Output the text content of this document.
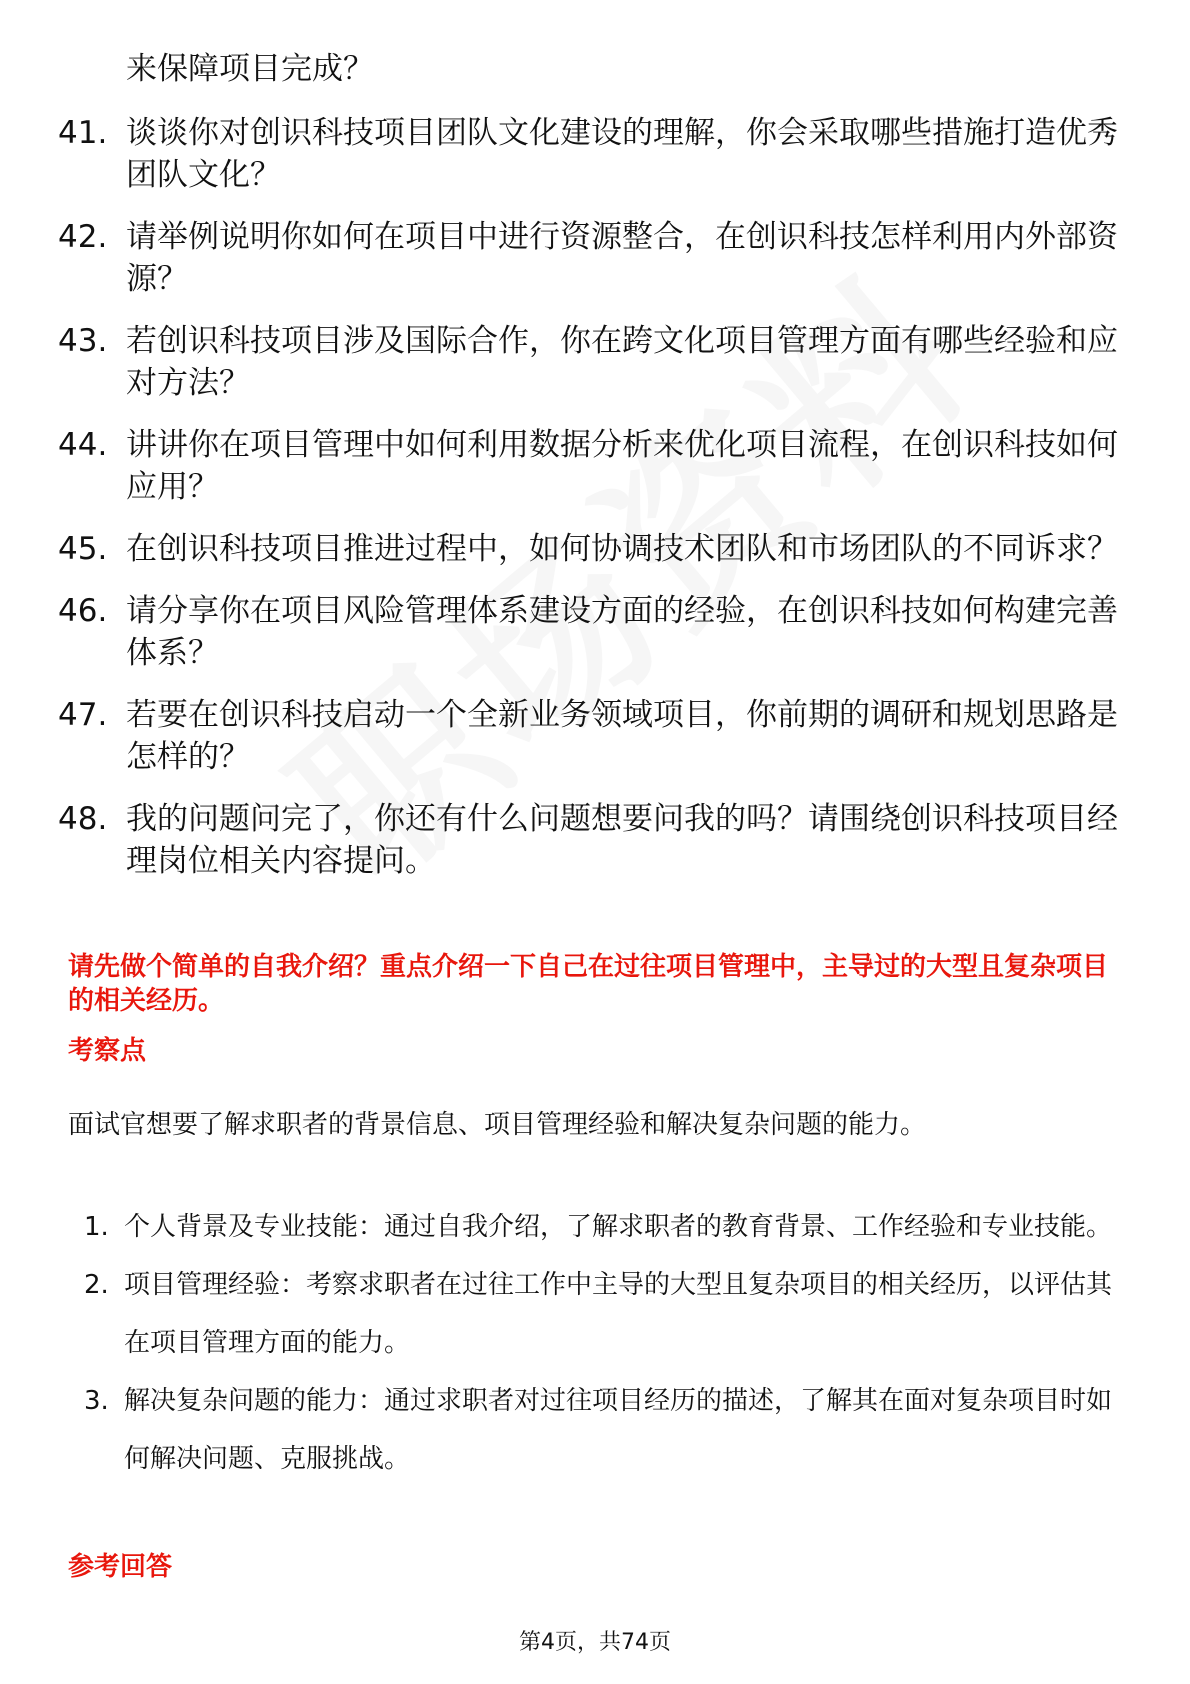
来保障项目完成？
41. 谈谈你对创识科技项目团队文化建设的理解，你会采取哪些措施打造优秀团队文化？
42. 请举例说明你如何在项目中进行资源整合，在创识科技怎样利用内外部资源？
43. 若创识科技项目涉及国际合作，你在跨文化项目管理方面有哪些经验和应对方法？
44. 讲讲你在项目管理中如何利用数据分析来优化项目流程，在创识科技如何应用？
45. 在创识科技项目推进过程中，如何协调技术团队和市场团队的不同诉求？
46. 请分享你在项目风险管理体系建设方面的经验，在创识科技如何构建完善体系？
47. 若要在创识科技启动一个全新业务领域项目，你前期的调研和规划思路是怎样的？
48. 我的问题问完了，你还有什么问题想要问我的吗？请围绕创识科技项目经理岗位相关内容提问。
请先做个简单的自我介绍？重点介绍一下自己在过往项目管理中，主导过的大型且复杂项目的相关经历。
考察点
面试官想要了解求职者的背景信息、项目管理经验和解决复杂问题的能力。
1. 个人背景及专业技能：通过自我介绍，了解求职者的教育背景、工作经验和专业技能。
2. 项目管理经验：考察求职者在过往工作中主导的大型且复杂项目的相关经历，以评估其在项目管理方面的能力。
3. 解决复杂问题的能力：通过求职者对过往项目经历的描述，了解其在面对复杂项目时如何解决问题、克服挑战。
参考回答
第4页，共74页
